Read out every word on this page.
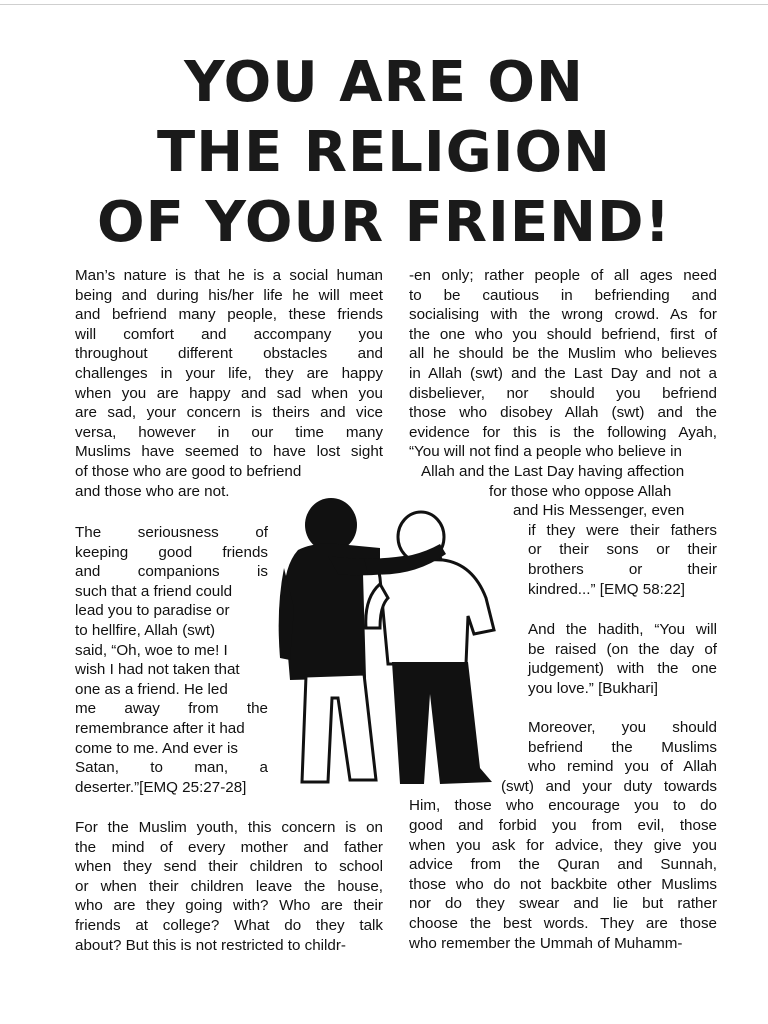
YOU ARE ON
THE RELIGION
OF YOUR FRIEND!
Man’s nature is that he is a social human
being and during his/her life he will meet
and befriend many people, these friends
will comfort and accompany you
throughout different obstacles and
challenges in your life, they are happy
when you are happy and sad when you
are sad, your concern is theirs and vice
versa, however in our time many
Muslims have seemed to have lost sight
of those who are good to befriend
and those who are not.
The seriousness of
keeping good friends
and companions is
such that a friend could
lead you to paradise or
to hellfire, Allah (swt)
said, “Oh, woe to me! I
wish I had not taken that
one as a friend. He led
me away from the
remembrance after it had
come to me. And ever is
Satan, to man, a
deserter.”[EMQ 25:27-28]
For the Muslim youth, this concern is on
the mind of every mother and father
when they send their children to school
or when their children leave the house,
who are they going with? Who are their
friends at college? What do they talk
about? But this is not restricted to childr-
-en only; rather people of all ages need
to be cautious in befriending and
socialising with the wrong crowd. As for
the one who you should befriend, first of
all he should be the Muslim who believes
in Allah (swt) and the Last Day and not a
disbeliever, nor should you befriend
those who disobey Allah (swt) and the
evidence for this is the following Ayah,
“You will not find a people who believe in
Allah and the Last Day having affection
for those who oppose Allah
and His Messenger, even
if they were their fathers
or their sons or their
brothers or their
kindred...” [EMQ 58:22]
And the hadith, “You will
be raised (on the day of
judgement) with the one
you love.” [Bukhari]
Moreover, you should
befriend the Muslims
who remind you of Allah
(swt) and your duty towards
Him, those who encourage you to do
good and forbid you from evil, those
when you ask for advice, they give you
advice from the Quran and Sunnah,
those who do not backbite other Muslims
nor do they swear and lie but rather
choose the best words. They are those
who remember the Ummah of Muhamm-
